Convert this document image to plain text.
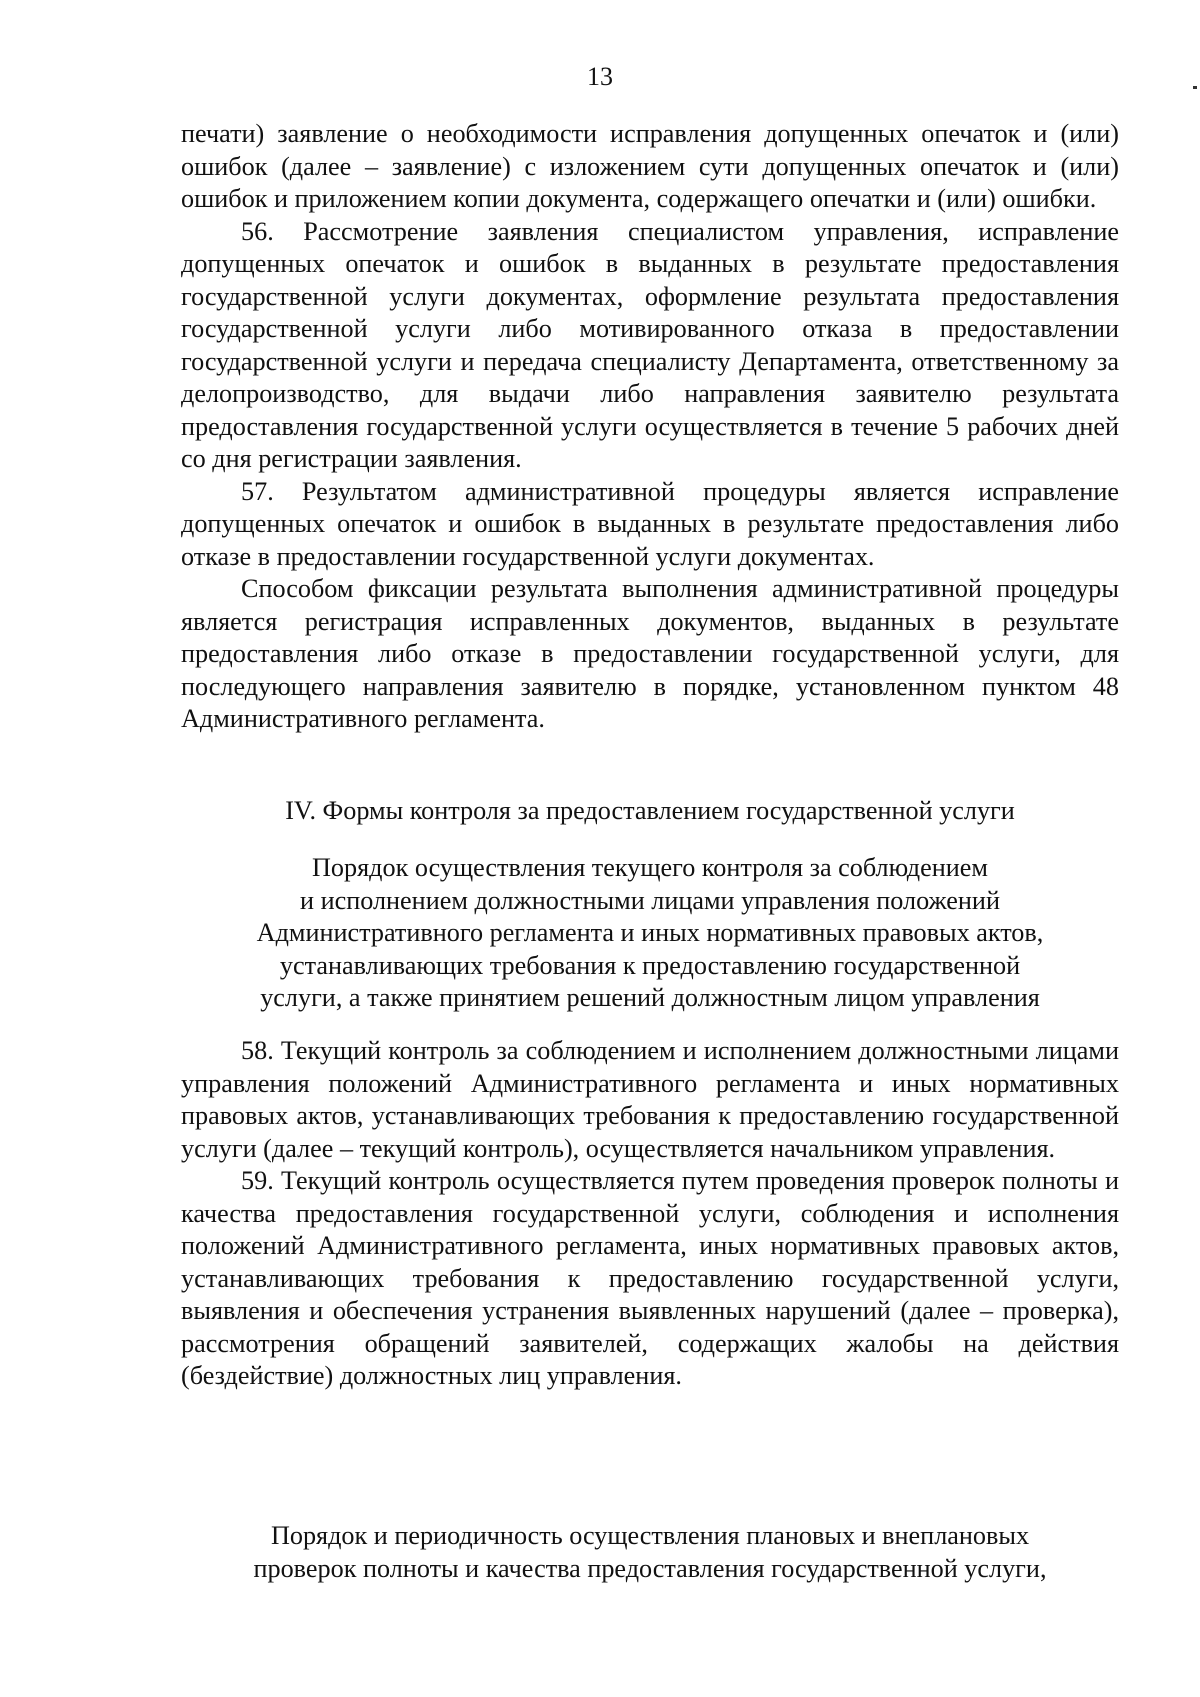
13

печати) заявление о необходимости исправления допущенных опечаток и (или) ошибок (далее – заявление) с изложением сути допущенных опечаток и (или) ошибок и приложением копии документа, содержащего опечатки и (или) ошибки.

56. Рассмотрение заявления специалистом управления, исправление допущенных опечаток и ошибок в выданных в результате предоставления государственной услуги документах, оформление результата предоставления государственной услуги либо мотивированного отказа в предоставлении государственной услуги и передача специалисту Департамента, ответственному за делопроизводство, для выдачи либо направления заявителю результата предоставления государственной услуги осуществляется в течение 5 рабочих дней со дня регистрации заявления.

57. Результатом административной процедуры является исправление допущенных опечаток и ошибок в выданных в результате предоставления либо отказе в предоставлении государственной услуги документах.

Способом фиксации результата выполнения административной процедуры является регистрация исправленных документов, выданных в результате предоставления либо отказе в предоставлении государственной услуги, для последующего направления заявителю в порядке, установленном пунктом 48 Административного регламента.

IV. Формы контроля за предоставлением государственной услуги
Порядок осуществления текущего контроля за соблюдением
и исполнением должностными лицами управления положений
Административного регламента и иных нормативных правовых актов,
устанавливающих требования к предоставлению государственной
услуги, а также принятием решений должностным лицом управления

58. Текущий контроль за соблюдением и исполнением должностными лицами управления положений Административного регламента и иных нормативных правовых актов, устанавливающих требования к предоставлению государственной услуги (далее – текущий контроль), осуществляется начальником управления.

59. Текущий контроль осуществляется путем проведения проверок полноты и качества предоставления государственной услуги, соблюдения и исполнения положений Административного регламента, иных нормативных правовых актов, устанавливающих требования к предоставлению государственной услуги, выявления и обеспечения устранения выявленных нарушений (далее – проверка), рассмотрения обращений заявителей, содержащих жалобы на действия (бездействие) должностных лиц управления.

Порядок и периодичность осуществления плановых и внеплановых
проверок полноты и качества предоставления государственной услуги,
